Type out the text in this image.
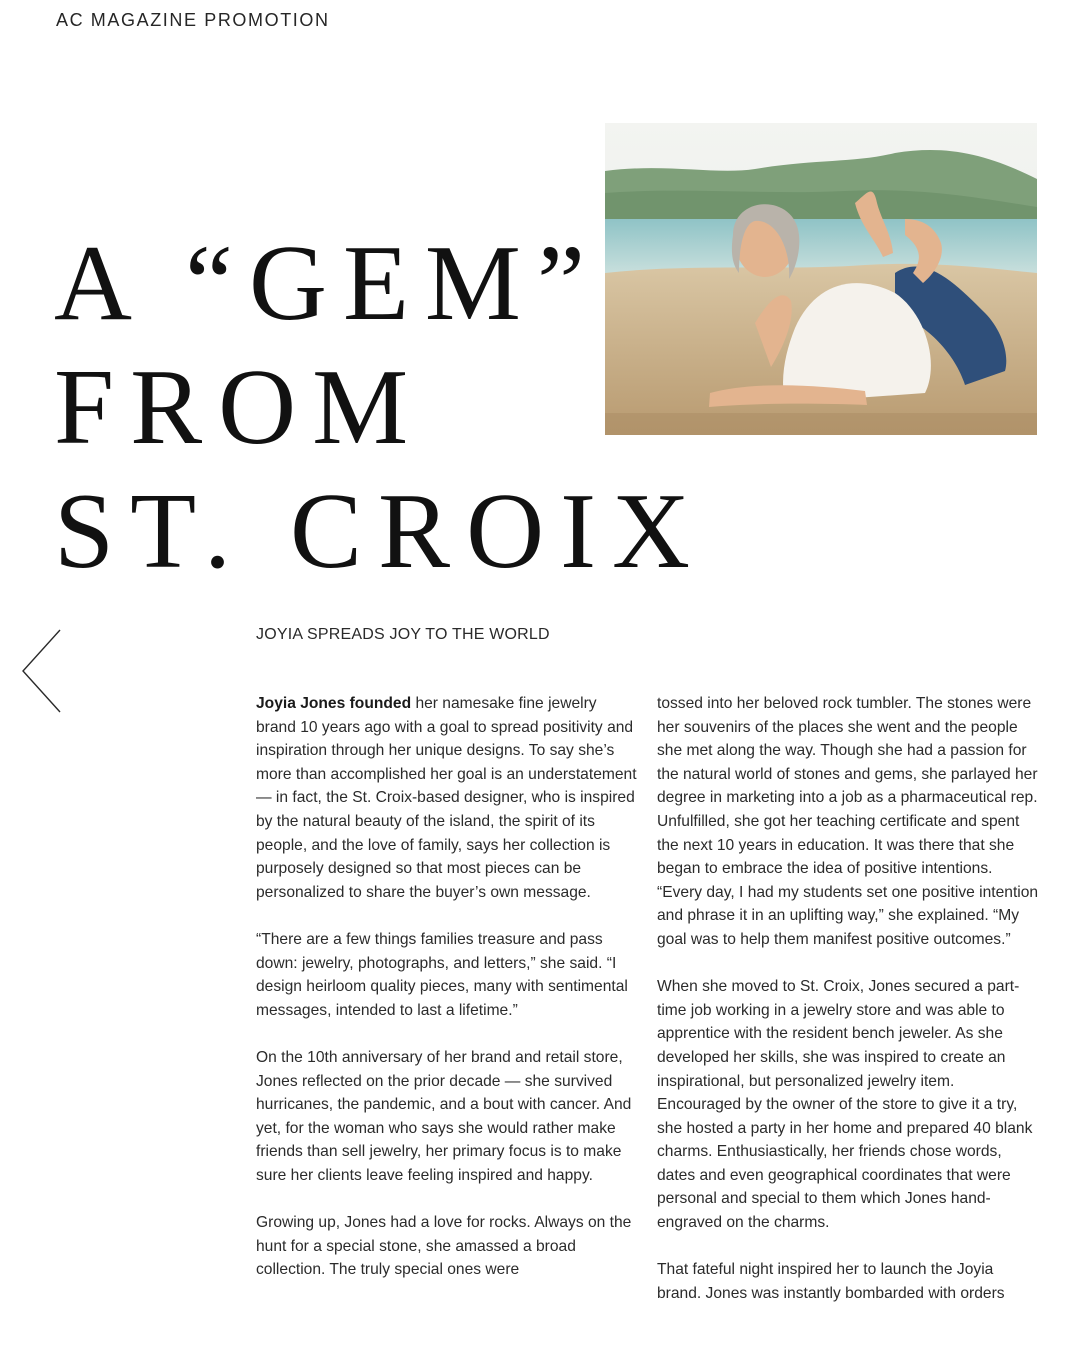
AC MAGAZINE PROMOTION
A “GEM”
FROM
ST. CROIX
JOYIA SPREADS JOY TO THE WORLD

Joyia Jones founded her namesake fine jewelry brand 10 years ago with a goal to spread positivity and inspiration through her unique designs. To say she’s more than accomplished her goal is an understatement — in fact, the St. Croix-based designer, who is inspired by the natural beauty of the island, the spirit of its people, and the love of family, says her collection is purposely designed so that most pieces can be personalized to share the buyer’s own message.

“There are a few things families treasure and pass down: jewelry, photographs, and letters,” she said. “I design heirloom quality pieces, many with sentimental messages, intended to last a lifetime.”

On the 10th anniversary of her brand and retail store, Jones reflected on the prior decade — she survived hurricanes, the pandemic, and a bout with cancer. And yet, for the woman who says she would rather make friends than sell jewelry, her primary focus is to make sure her clients leave feeling inspired and happy.

Growing up, Jones had a love for rocks. Always on the hunt for a special stone, she amassed a broad collection. The truly special ones were

tossed into her beloved rock tumbler. The stones were her souvenirs of the places she went and the people she met along the way. Though she had a passion for the natural world of stones and gems, she parlayed her degree in marketing into a job as a pharmaceutical rep. Unfulfilled, she got her teaching certificate and spent the next 10 years in education. It was there that she began to embrace the idea of positive intentions. “Every day, I had my students set one positive intention and phrase it in an uplifting way,” she explained. “My goal was to help them manifest positive outcomes.”

When she moved to St. Croix, Jones secured a part-time job working in a jewelry store and was able to apprentice with the resident bench jeweler. As she developed her skills, she was inspired to create an inspirational, but personalized jewelry item. Encouraged by the owner of the store to give it a try, she hosted a party in her home and prepared 40 blank charms. Enthusiastically, her friends chose words, dates and even geographical coordinates that were personal and special to them which Jones hand-engraved on the charms.

That fateful night inspired her to launch the Joyia brand. Jones was instantly bombarded with orders
